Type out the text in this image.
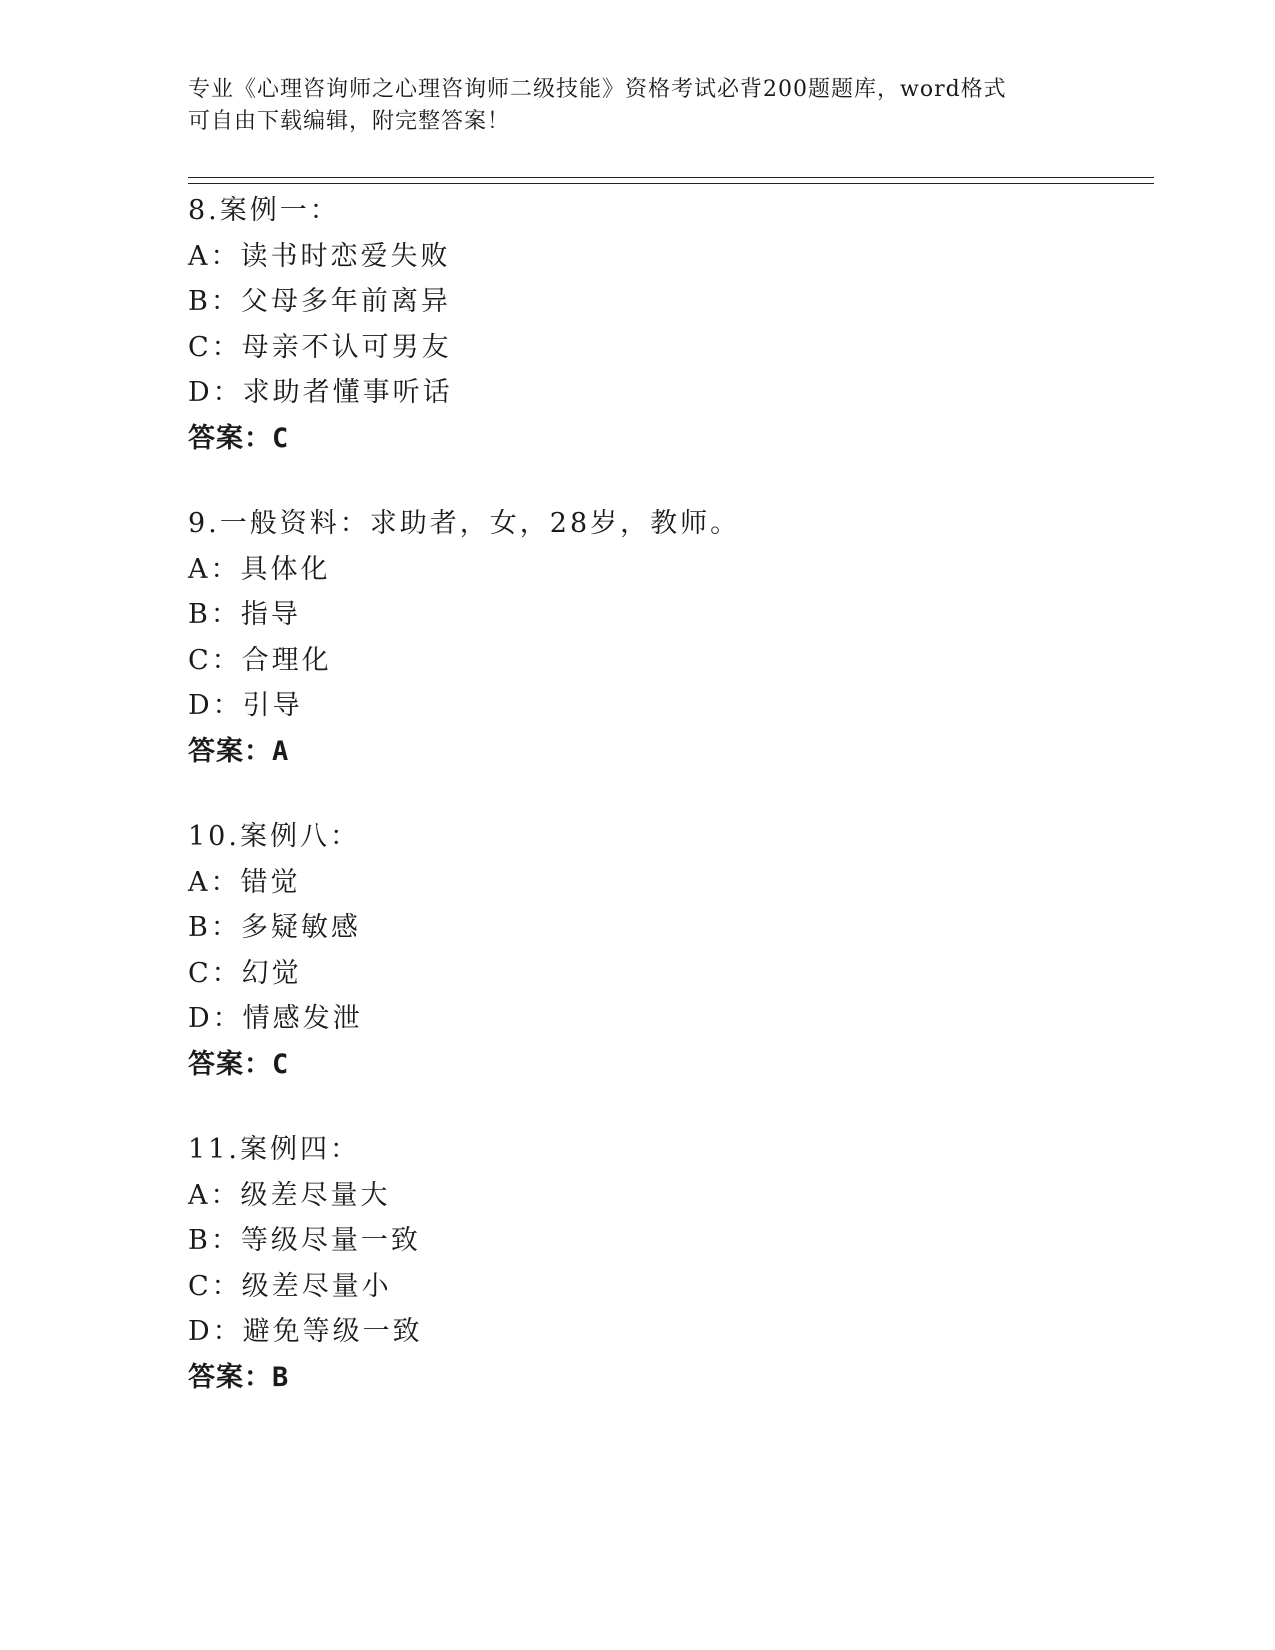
专业《心理咨询师之心理咨询师二级技能》资格考试必背200题题库，word格式
可自由下载编辑，附完整答案！
8.案例一：
A：读书时恋爱失败
B：父母多年前离异
C：母亲不认可男友
D：求助者懂事听话
答案：C
9.一般资料：求助者，女，28岁，教师。
A：具体化
B：指导
C：合理化
D：引导
答案：A
10.案例八：
A：错觉
B：多疑敏感
C：幻觉
D：情感发泄
答案：C
11.案例四：
A：级差尽量大
B：等级尽量一致
C：级差尽量小
D：避免等级一致
答案：B
